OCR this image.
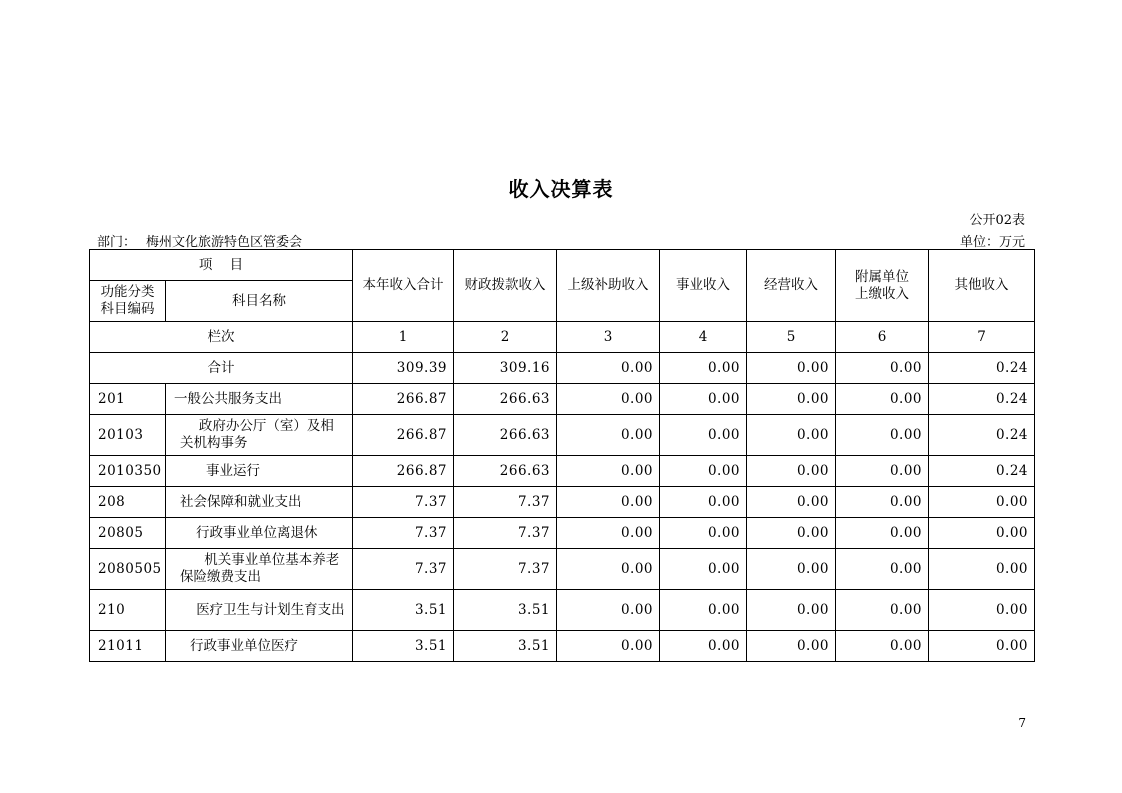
收入决算表
公开02表
部门： 梅州文化旅游特色区管委会	单位：万元
项    目		本年收入合计	财政拨款收入	上级补助收入	事业收入	经营收入	附属单位上缴收入	其他收入
功能分类科目编码	科目名称							
栏次		1	2	3	4	5	6	7
合计		309.39	309.16	0.00	0.00	0.00	0.00	0.24
201	一般公共服务支出	266.87	266.63	0.00	0.00	0.00	0.00	0.24
20103	政府办公厅（室）及相关机构事务	266.87	266.63	0.00	0.00	0.00	0.00	0.24
2010350	事业运行	266.87	266.63	0.00	0.00	0.00	0.00	0.24
208	社会保障和就业支出	7.37	7.37	0.00	0.00	0.00	0.00	0.00
20805	行政事业单位离退休	7.37	7.37	0.00	0.00	0.00	0.00	0.00
2080505	机关事业单位基本养老保险缴费支出	7.37	7.37	0.00	0.00	0.00	0.00	0.00
210	医疗卫生与计划生育支出	3.51	3.51	0.00	0.00	0.00	0.00	0.00
21011	行政事业单位医疗	3.51	3.51	0.00	0.00	0.00	0.00	0.00
7
